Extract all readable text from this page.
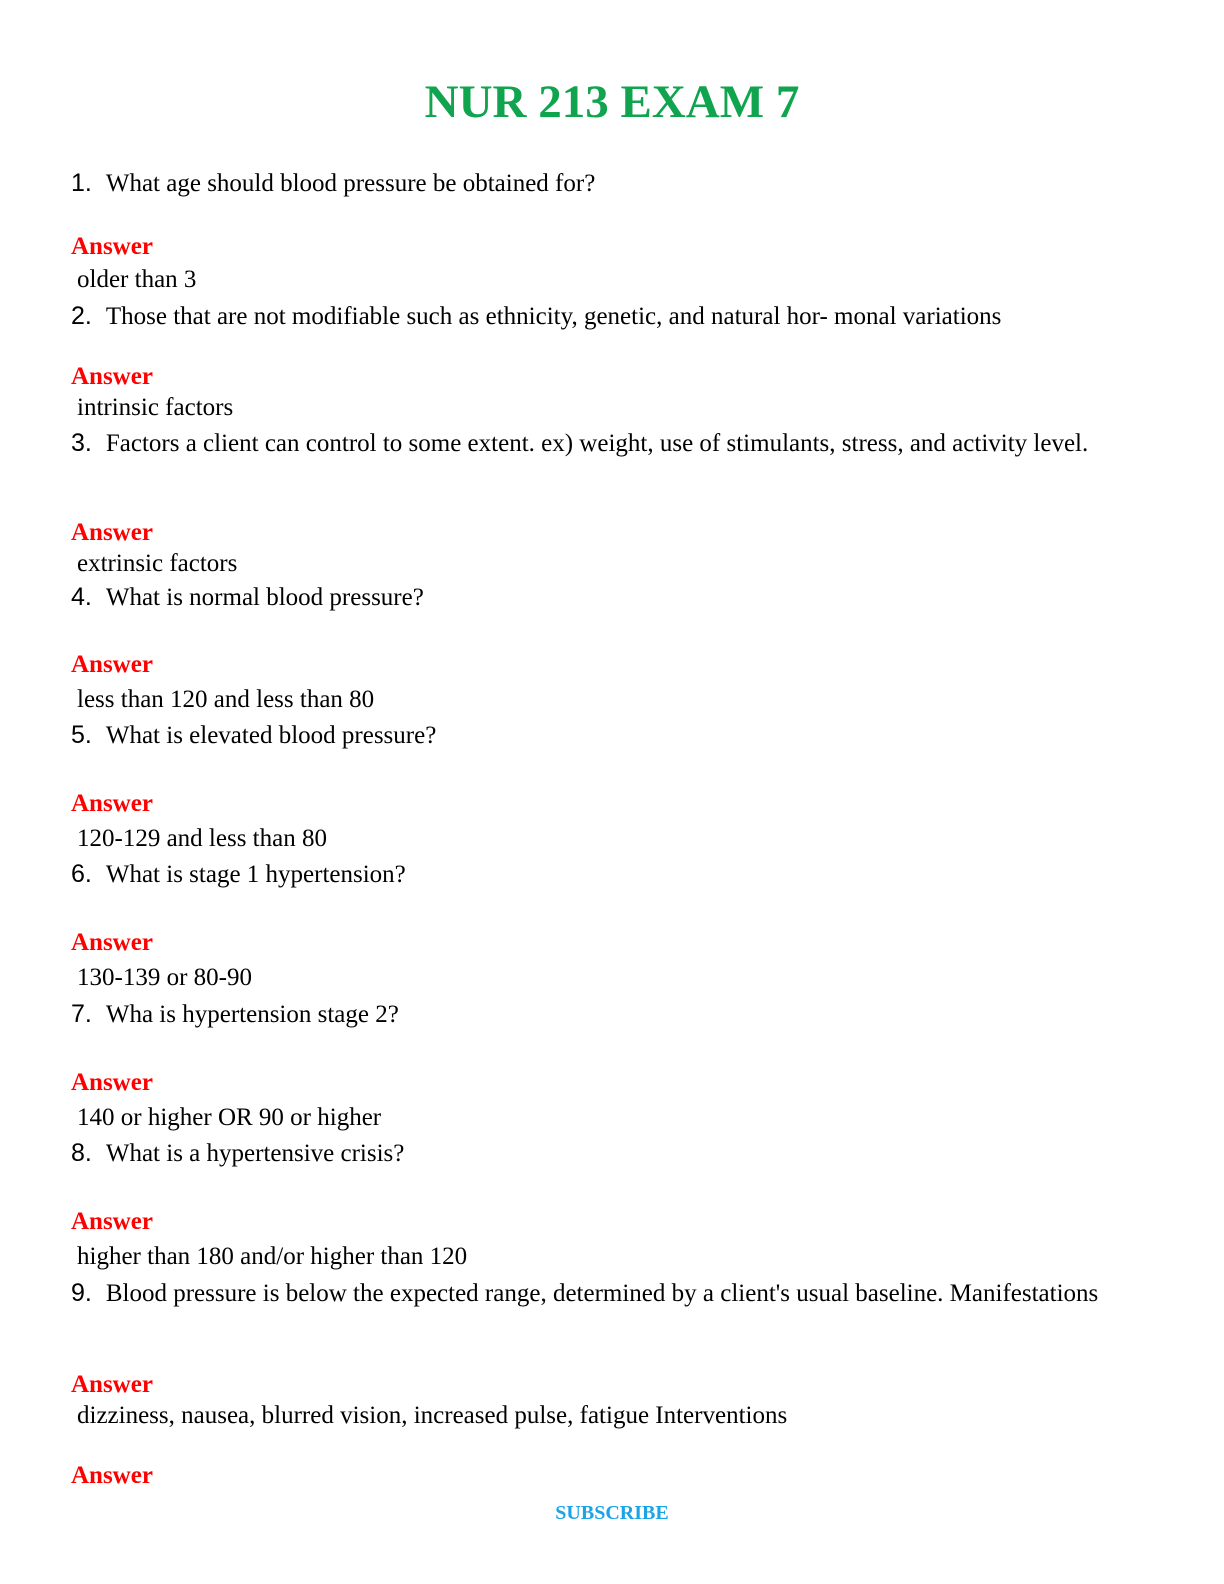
NUR 213 EXAM 7

1. What age should blood pressure be obtained for?

Answer

older than 3

2. Those that are not modifiable such as ethnicity, genetic, and natural hor- monal variations

Answer

intrinsic factors

3. Factors a client can control to some extent. ex) weight, use of stimulants, stress, and activity level.

Answer

extrinsic factors

4. What is normal blood pressure?

Answer

less than 120 and less than 80

5. What is elevated blood pressure?

Answer

120-129 and less than 80

6. What is stage 1 hypertension?

Answer

130-139 or 80-90

7. Wha is hypertension stage 2?

Answer

140 or higher OR 90 or higher

8. What is a hypertensive crisis?

Answer

higher than 180 and/or higher than 120

9. Blood pressure is below the expected range, determined by a client's usual baseline. Manifestations

Answer

dizziness, nausea, blurred vision, increased pulse, fatigue Interventions

Answer

SUBSCRIBE
